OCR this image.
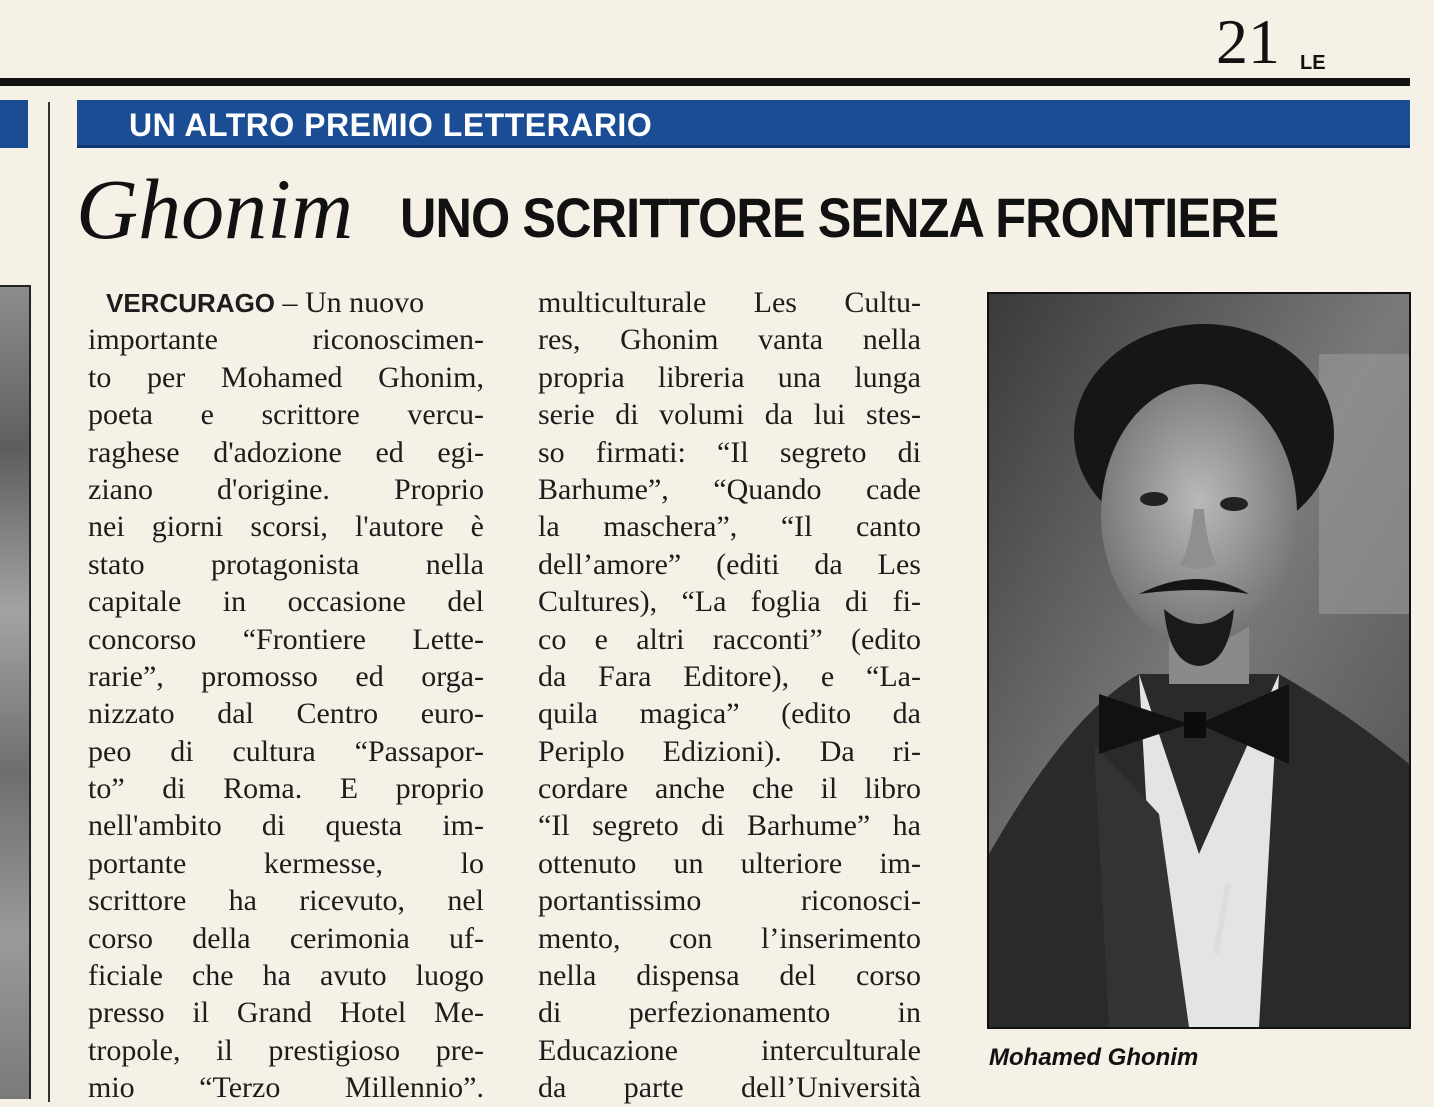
21 LE
UN ALTRO PREMIO LETTERARIO
Ghonim UNO SCRITTORE SENZA FRONTIERE
VERCURAGO – Un nuovo
importante riconoscimen-
to per Mohamed Ghonim,
poeta e scrittore vercu-
raghese d'adozione ed egi-
ziano d'origine. Proprio
nei giorni scorsi, l'autore è
stato protagonista nella
capitale in occasione del
concorso “Frontiere Lette-
rarie”, promosso ed orga-
nizzato dal Centro euro-
peo di cultura “Passapor-
to” di Roma. E proprio
nell'ambito di questa im-
portante kermesse, lo
scrittore ha ricevuto, nel
corso della cerimonia uf-
ficiale che ha avuto luogo
presso il Grand Hotel Me-
tropole, il prestigioso pre-
mio “Terzo Millennio”.
multiculturale Les Cultu-
res, Ghonim vanta nella
propria libreria una lunga
serie di volumi da lui stes-
so firmati: “Il segreto di
Barhume”, “Quando cade
la maschera”, “Il canto
dell’amore” (editi da Les
Cultures), “La foglia di fi-
co e altri racconti” (edito
da Fara Editore), e “La-
quila magica” (edito da
Periplo Edizioni). Da ri-
cordare anche che il libro
“Il segreto di Barhume” ha
ottenuto un ulteriore im-
portantissimo riconosci-
mento, con l’inserimento
nella dispensa del corso
di perfezionamento in
Educazione interculturale
da parte dell’Università
Mohamed Ghonim
